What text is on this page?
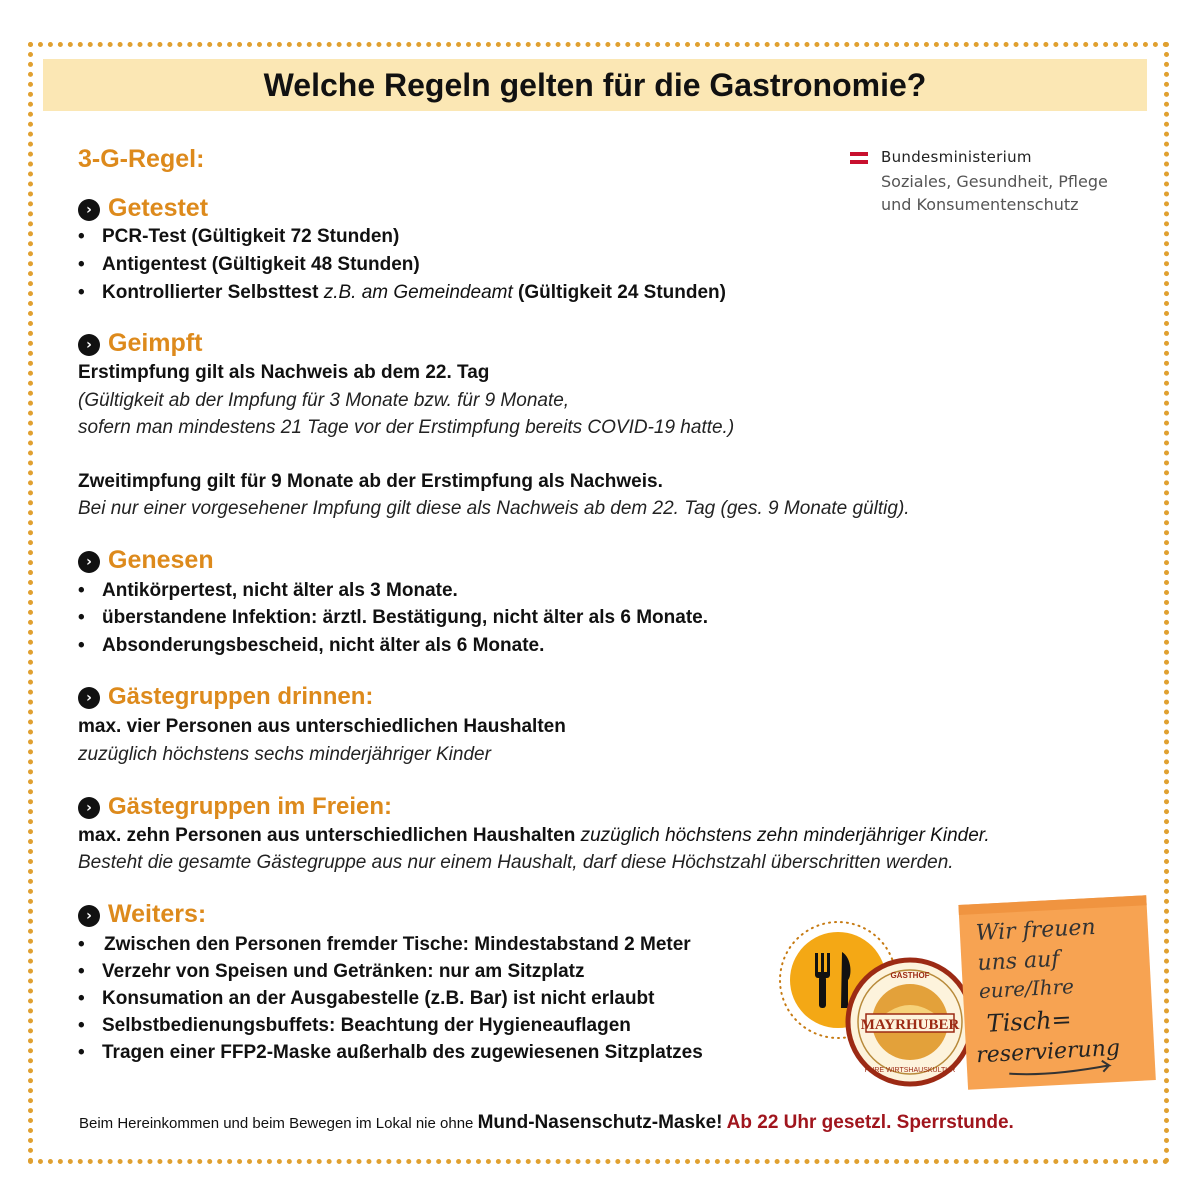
Welche Regeln gelten für die Gastronomie?
Bundesministerium
Soziales, Gesundheit, Pflege
und Konsumentenschutz
3-G-Regel:
› Getestet
• PCR-Test (Gültigkeit 72 Stunden)
• Antigentest (Gültigkeit 48 Stunden)
• Kontrollierter Selbsttest z.B. am Gemeindeamt (Gültigkeit 24 Stunden)
› Geimpft
Erstimpfung gilt als Nachweis ab dem 22. Tag
(Gültigkeit ab der Impfung für 3 Monate bzw. für 9 Monate,
sofern man mindestens 21 Tage vor der Erstimpfung bereits COVID-19 hatte.)
Zweitimpfung gilt für 9 Monate ab der Erstimpfung als Nachweis.
Bei nur einer vorgesehener Impfung gilt diese als Nachweis ab dem 22. Tag (ges. 9 Monate gültig).
› Genesen
• Antikörpertest, nicht älter als 3 Monate.
• überstandene Infektion: ärztl. Bestätigung, nicht älter als 6 Monate.
• Absonderungsbescheid, nicht älter als 6 Monate.
› Gästegruppen drinnen:
max. vier Personen aus unterschiedlichen Haushalten
zuzüglich höchstens sechs minderjähriger Kinder
› Gästegruppen im Freien:
max. zehn Personen aus unterschiedlichen Haushalten zuzüglich höchstens zehn minderjähriger Kinder.
Besteht die gesamte Gästegruppe aus nur einem Haushalt, darf diese Höchstzahl überschritten werden.
› Weiters:
• Zwischen den Personen fremder Tische: Mindestabstand 2 Meter
• Verzehr von Speisen und Getränken: nur am Sitzplatz
• Konsumation an der Ausgabestelle (z.B. Bar) ist nicht erlaubt
• Selbstbedienungsbuffets: Beachtung der Hygieneauflagen
• Tragen einer FFP2-Maske außerhalb des zugewiesenen Sitzplatzes
MAYRHUBER
GASTHOF
PURE WIRTSHAUSKULTUR
Wir freuen
uns auf
eure/Ihre
Tisch=
reservierung
Beim Hereinkommen und beim Bewegen im Lokal nie ohne Mund-Nasenschutz-Maske! Ab 22 Uhr gesetzl. Sperrstunde.
